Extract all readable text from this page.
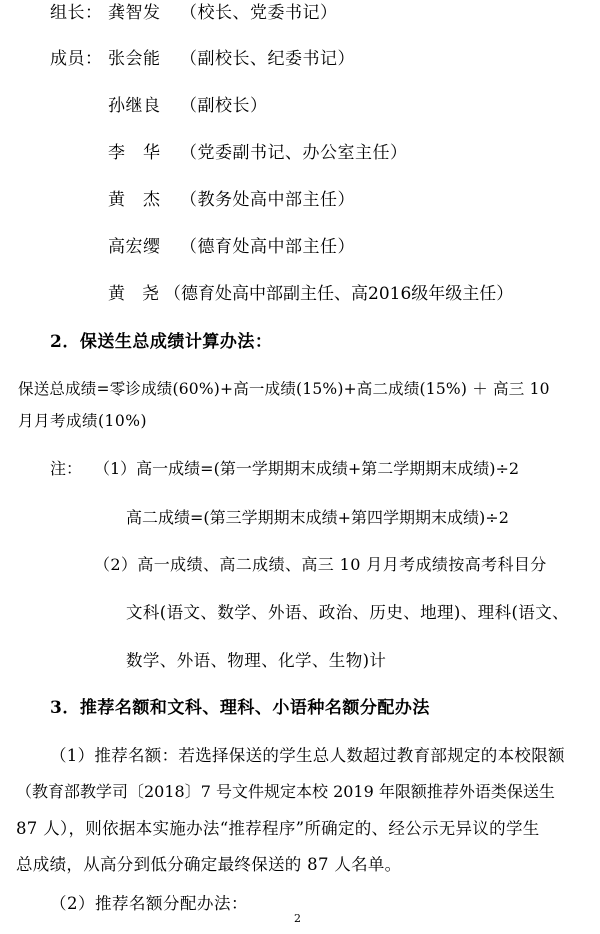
组长： 龚智发 （校长、党委书记）
成员： 张会能 （副校长、纪委书记）
孙继良 （副校长）
李　华 （党委副书记、办公室主任）
黄　杰 （教务处高中部主任）
高宏缨 （德育处高中部主任）
黄　尧 （德育处高中部副主任、高2016级年级主任）
2．保送生总成绩计算办法：
保送总成绩=零诊成绩(60%)+高一成绩(15%)+高二成绩(15%) ＋ 高三 10
月月考成绩(10%)
注： （1）高一成绩=(第一学期期末成绩+第二学期期末成绩)÷2
高二成绩=(第三学期期末成绩+第四学期期末成绩)÷2
（2）高一成绩、高二成绩、高三 10 月月考成绩按高考科目分
文科(语文、数学、外语、政治、历史、地理)、理科(语文、
数学、外语、物理、化学、生物)计
3．推荐名额和文科、理科、小语种名额分配办法
（1）推荐名额：若选择保送的学生总人数超过教育部规定的本校限额
（教育部教学司〔2018〕7 号文件规定本校 2019 年限额推荐外语类保送生
87 人），则依据本实施办法“推荐程序”所确定的、经公示无异议的学生
总成绩，从高分到低分确定最终保送的 87 人名单。
（2）推荐名额分配办法：
2
